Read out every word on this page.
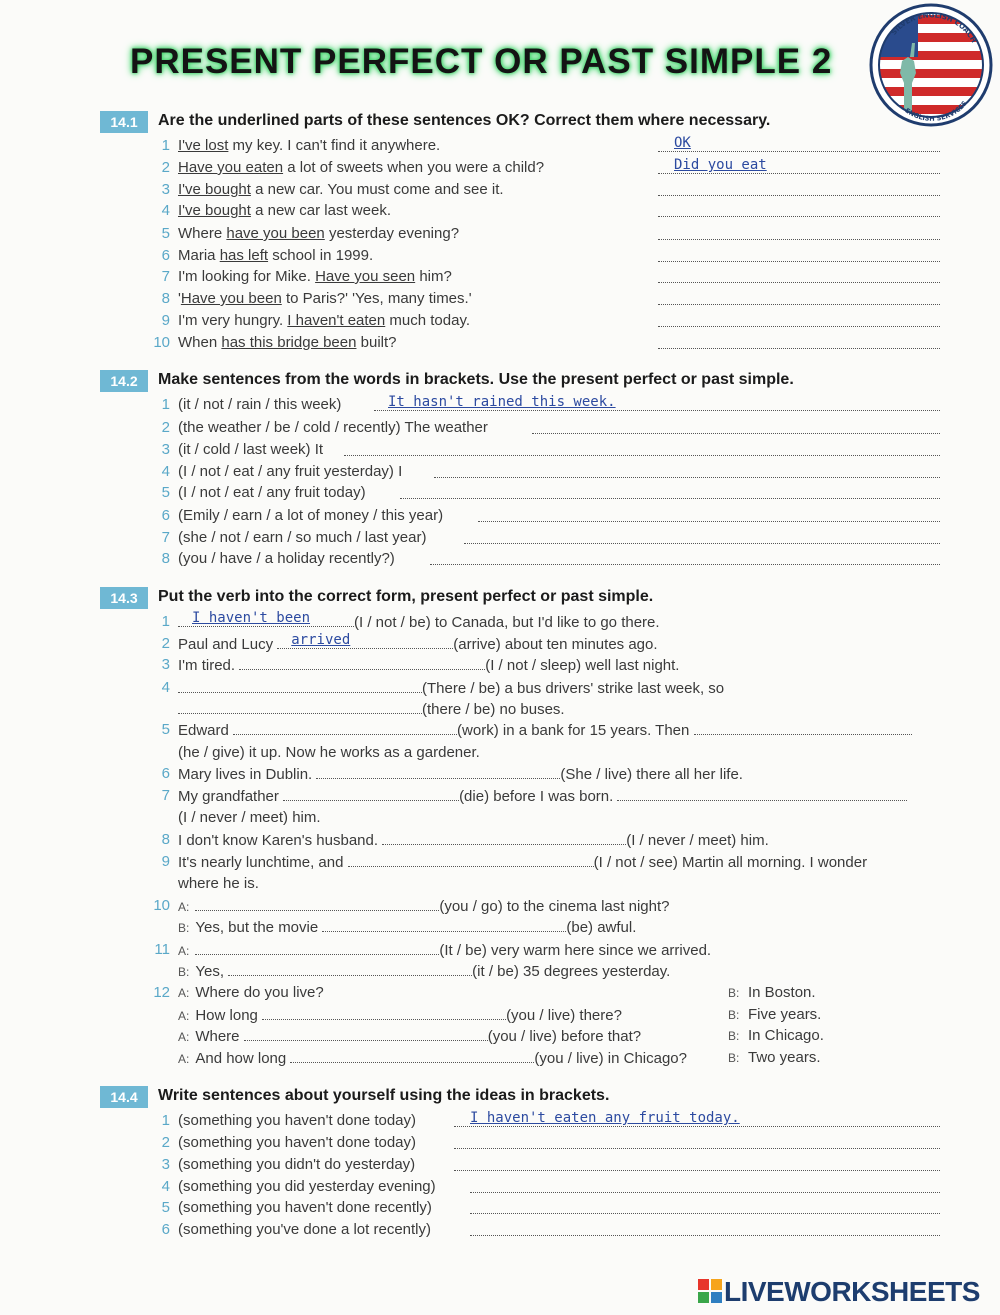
PRESENT PERFECT OR PAST SIMPLE 2
SILVER ENGLISH COACH
ENGLISH SERVICES
14.1	Are the underlined parts of these sentences OK? Correct them where necessary.
1 I've lost my key. I can't find it anywhere.	OK
2 Have you eaten a lot of sweets when you were a child?	Did you eat
3 I've bought a new car. You must come and see it.
4 I've bought a new car last week.
5 Where have you been yesterday evening?
6 Maria has left school in 1999.
7 I'm looking for Mike. Have you seen him?
8 'Have you been to Paris?' 'Yes, many times.'
9 I'm very hungry. I haven't eaten much today.
10 When has this bridge been built?
14.2	Make sentences from the words in brackets. Use the present perfect or past simple.
1 (it / not / rain / this week)	It hasn't rained this week.
2 (the weather / be / cold / recently) The weather
3 (it / cold / last week) It
4 (I / not / eat / any fruit yesterday) I
5 (I / not / eat / any fruit today)
6 (Emily / earn / a lot of money / this year)
7 (she / not / earn / so much / last year)
8 (you / have / a holiday recently?)
14.3	Put the verb into the correct form, present perfect or past simple.
1 I haven't been	(I / not / be) to Canada, but I'd like to go there.
2 Paul and Lucy arrived	(arrive) about ten minutes ago.
3 I'm tired.	(I / not / sleep) well last night.
4	(There / be) a bus drivers' strike last week, so
(there / be) no buses.
5 Edward	(work) in a bank for 15 years. Then
(he / give) it up. Now he works as a gardener.
6 Mary lives in Dublin.	(She / live) there all her life.
7 My grandfather	(die) before I was born.
(I / never / meet) him.
8 I don't know Karen's husband.	(I / never / meet) him.
9 It's nearly lunchtime, and	(I / not / see) Martin all morning. I wonder
where he is.
10 A:	(you / go) to the cinema last night?
B: Yes, but the movie	(be) awful.
11 A:	(It / be) very warm here since we arrived.
B: Yes,	(it / be) 35 degrees yesterday.
12 A: Where do you live?	B: In Boston.
A: How long	(you / live) there?	B: Five years.
A: Where	(you / live) before that?	B: In Chicago.
A: And how long	(you / live) in Chicago?	B: Two years.
14.4	Write sentences about yourself using the ideas in brackets.
1 (something you haven't done today)	I haven't eaten any fruit today.
2 (something you haven't done today)
3 (something you didn't do yesterday)
4 (something you did yesterday evening)
5 (something you haven't done recently)
6 (something you've done a lot recently)
LIVEWORKSHEETS
